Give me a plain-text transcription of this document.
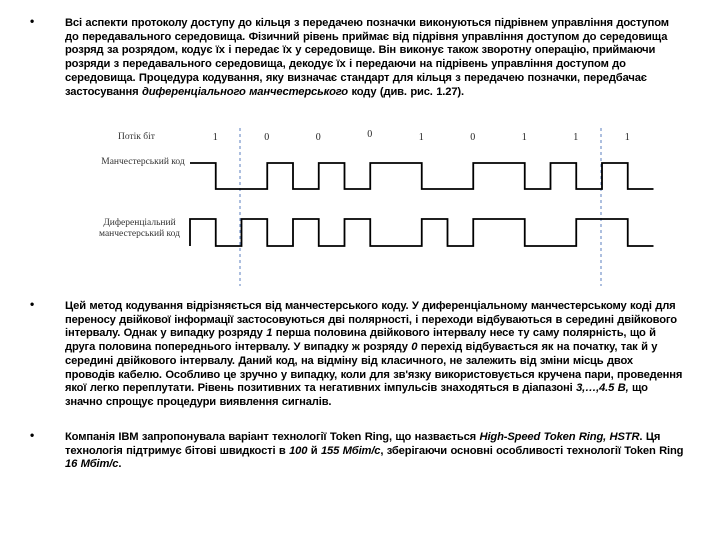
•
•
•
Всі аспекти протоколу доступу до кільця з передачею позначки виконуються підрівнем управління доступом до передавального середовища. Фізичний рівень приймає від підрівня управління доступом до середовища розряд за розрядом, кодує їх і передає їх у середовище. Він виконує також зворотну операцію, приймаючи розряди з передавального середовища, декодує їх і передаючи на підрівень управління доступом до середовища. Процедура кодування, яку визначає стандарт для кільця з передачею позначки, передбачає застосування диференціального манчестерського коду (див. рис. 1.27).
Потік біт	1	0	0	0	1	0	1	1	1
Манчестерський код
Диференціальний манчестерський код
Цей метод кодування відрізняється від манчестерського коду. У диференціальному манчестерському коді для переносу двійкової інформації застосовуються дві полярності, і переходи відбуваються в середині двійкового інтервалу. Однак у випадку розряду 1 перша половина двійкового інтервалу несе ту саму полярність, що й друга половина попереднього інтервалу. У випадку ж розряду 0 перехід відбувається як на початку, так й у середині двійкового інтервалу. Даний код, на відміну від класичного, не залежить від зміни місць двох проводів кабелю. Особливо це зручно у випадку, коли для зв'язку використовується кручена пари, проведення якої легко переплутати. Рівень позитивних та негативних імпульсів знаходяться в діапазоні 3,…,4.5 В, що значно спрощує процедури виявлення сигналів.
Компанія IBM запропонувала варіант технології Token Ring, що назвається High-Speed Token Ring, HSTR. Ця технологія підтримує бітові швидкості в 100 й 155 Мбіт/с, зберігаючи основні особливості технології Token Ring 16 Мбіт/с.
